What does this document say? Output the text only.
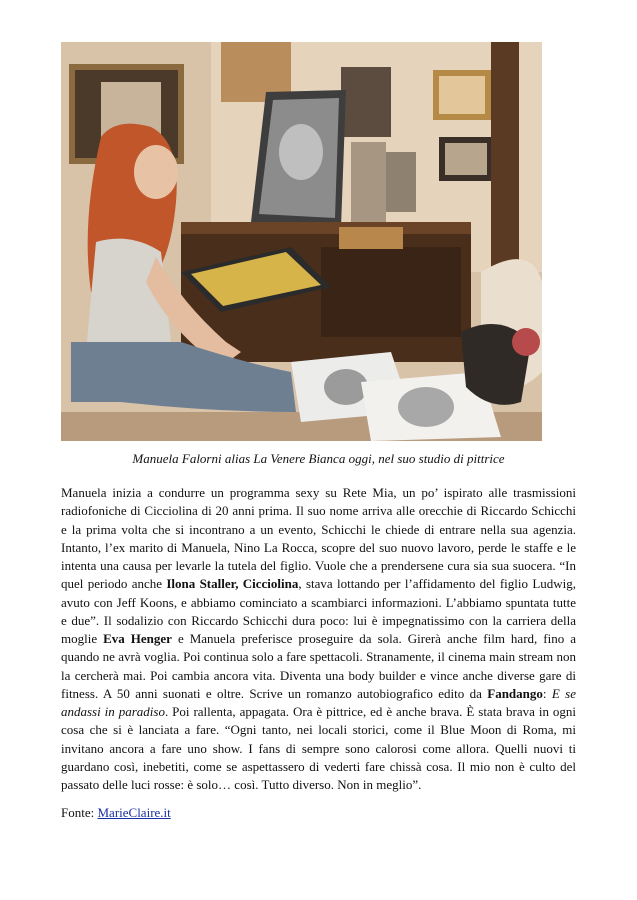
Manuela Falorni alias La Venere Bianca oggi, nel suo studio di pittrice
Manuela inizia a condurre un programma sexy su Rete Mia, un po’ ispirato alle trasmissioni radiofoniche di Cicciolina di 20 anni prima. Il suo nome arriva alle orecchie di Riccardo Schicchi e la prima volta che si incontrano a un evento, Schicchi le chiede di entrare nella sua agenzia. Intanto, l’ex marito di Manuela, Nino La Rocca, scopre del suo nuovo lavoro, perde le staffe e le intenta una causa per levarle la tutela del figlio. Vuole che a prendersene cura sia sua suocera. “In quel periodo anche Ilona Staller, Cicciolina, stava lottando per l’affidamento del figlio Ludwig, avuto con Jeff Koons, e abbiamo cominciato a scambiarci informazioni. L’abbiamo spuntata tutte e due”. Il sodalizio con Riccardo Schicchi dura poco: lui è impegnatissimo con la carriera della moglie Eva Henger e Manuela preferisce proseguire da sola. Girerà anche film hard, fino a quando ne avrà voglia. Poi continua solo a fare spettacoli. Stranamente, il cinema main stream non la cercherà mai. Poi cambia ancora vita. Diventa una body builder e vince anche diverse gare di fitness. A 50 anni suonati e oltre. Scrive un romanzo autobiografico edito da Fandango: E se andassi in paradiso. Poi rallenta, appagata. Ora è pittrice, ed è anche brava. È stata brava in ogni cosa che si è lanciata a fare. “Ogni tanto, nei locali storici, come il Blue Moon di Roma, mi invitano ancora a fare uno show. I fans di sempre sono calorosi come allora. Quelli nuovi ti guardano così, inebetiti, come se aspettassero di vederti fare chissà cosa. Il mio non è culto del passato delle luci rosse: è solo… così. Tutto diverso. Non in meglio”.
Fonte: MarieClaire.it
